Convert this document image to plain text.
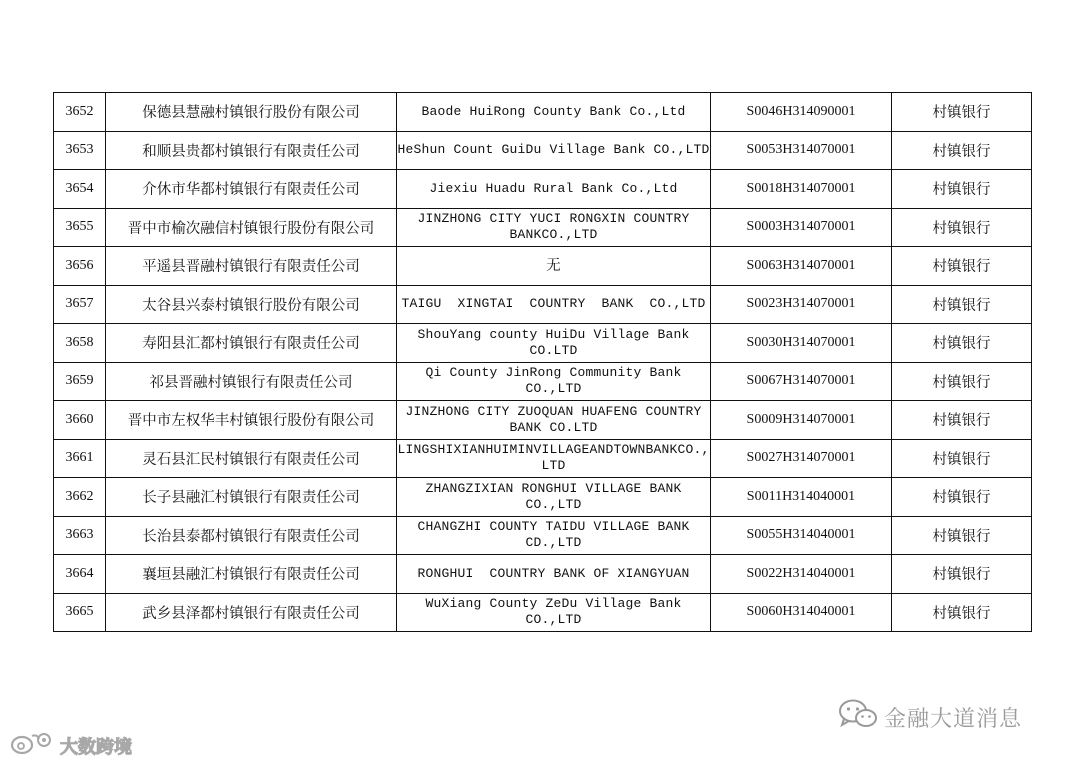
3652	保德县慧融村镇银行股份有限公司	Baode HuiRong County Bank Co.,Ltd	S0046H314090001	村镇银行
3653	和顺县贵都村镇银行有限责任公司	HeShun Count GuiDu Village Bank CO.,LTD	S0053H314070001	村镇银行
3654	介休市华都村镇银行有限责任公司	Jiexiu Huadu Rural Bank Co.,Ltd	S0018H314070001	村镇银行
3655	晋中市榆次融信村镇银行股份有限公司	JINZHONG CITY YUCI RONGXIN COUNTRY BANKCO.,LTD	S0003H314070001	村镇银行
3656	平遥县晋融村镇银行有限责任公司	无	S0063H314070001	村镇银行
3657	太谷县兴泰村镇银行股份有限公司	TAIGU  XINGTAI  COUNTRY  BANK  CO.,LTD	S0023H314070001	村镇银行
3658	寿阳县汇都村镇银行有限责任公司	ShouYang county HuiDu Village Bank CO.LTD	S0030H314070001	村镇银行
3659	祁县晋融村镇银行有限责任公司	Qi County JinRong Community Bank CO.,LTD	S0067H314070001	村镇银行
3660	晋中市左权华丰村镇银行股份有限公司	JINZHONG CITY ZUOQUAN HUAFENG COUNTRY BANK CO.LTD	S0009H314070001	村镇银行
3661	灵石县汇民村镇银行有限责任公司	LINGSHIXIANHUIMINVILLAGEANDTOWNBANKCO.,LTD	S0027H314070001	村镇银行
3662	长子县融汇村镇银行有限责任公司	ZHANGZIXIAN RONGHUI VILLAGE BANK CO.,LTD	S0011H314040001	村镇银行
3663	长治县泰都村镇银行有限责任公司	CHANGZHI COUNTY TAIDU VILLAGE BANK CD.,LTD	S0055H314040001	村镇银行
3664	襄垣县融汇村镇银行有限责任公司	RONGHUI  COUNTRY BANK OF XIANGYUAN	S0022H314040001	村镇银行
3665	武乡县泽都村镇银行有限责任公司	WuXiang County ZeDu Village Bank CO.,LTD	S0060H314040001	村镇银行
金融大道消息
大数跨境
